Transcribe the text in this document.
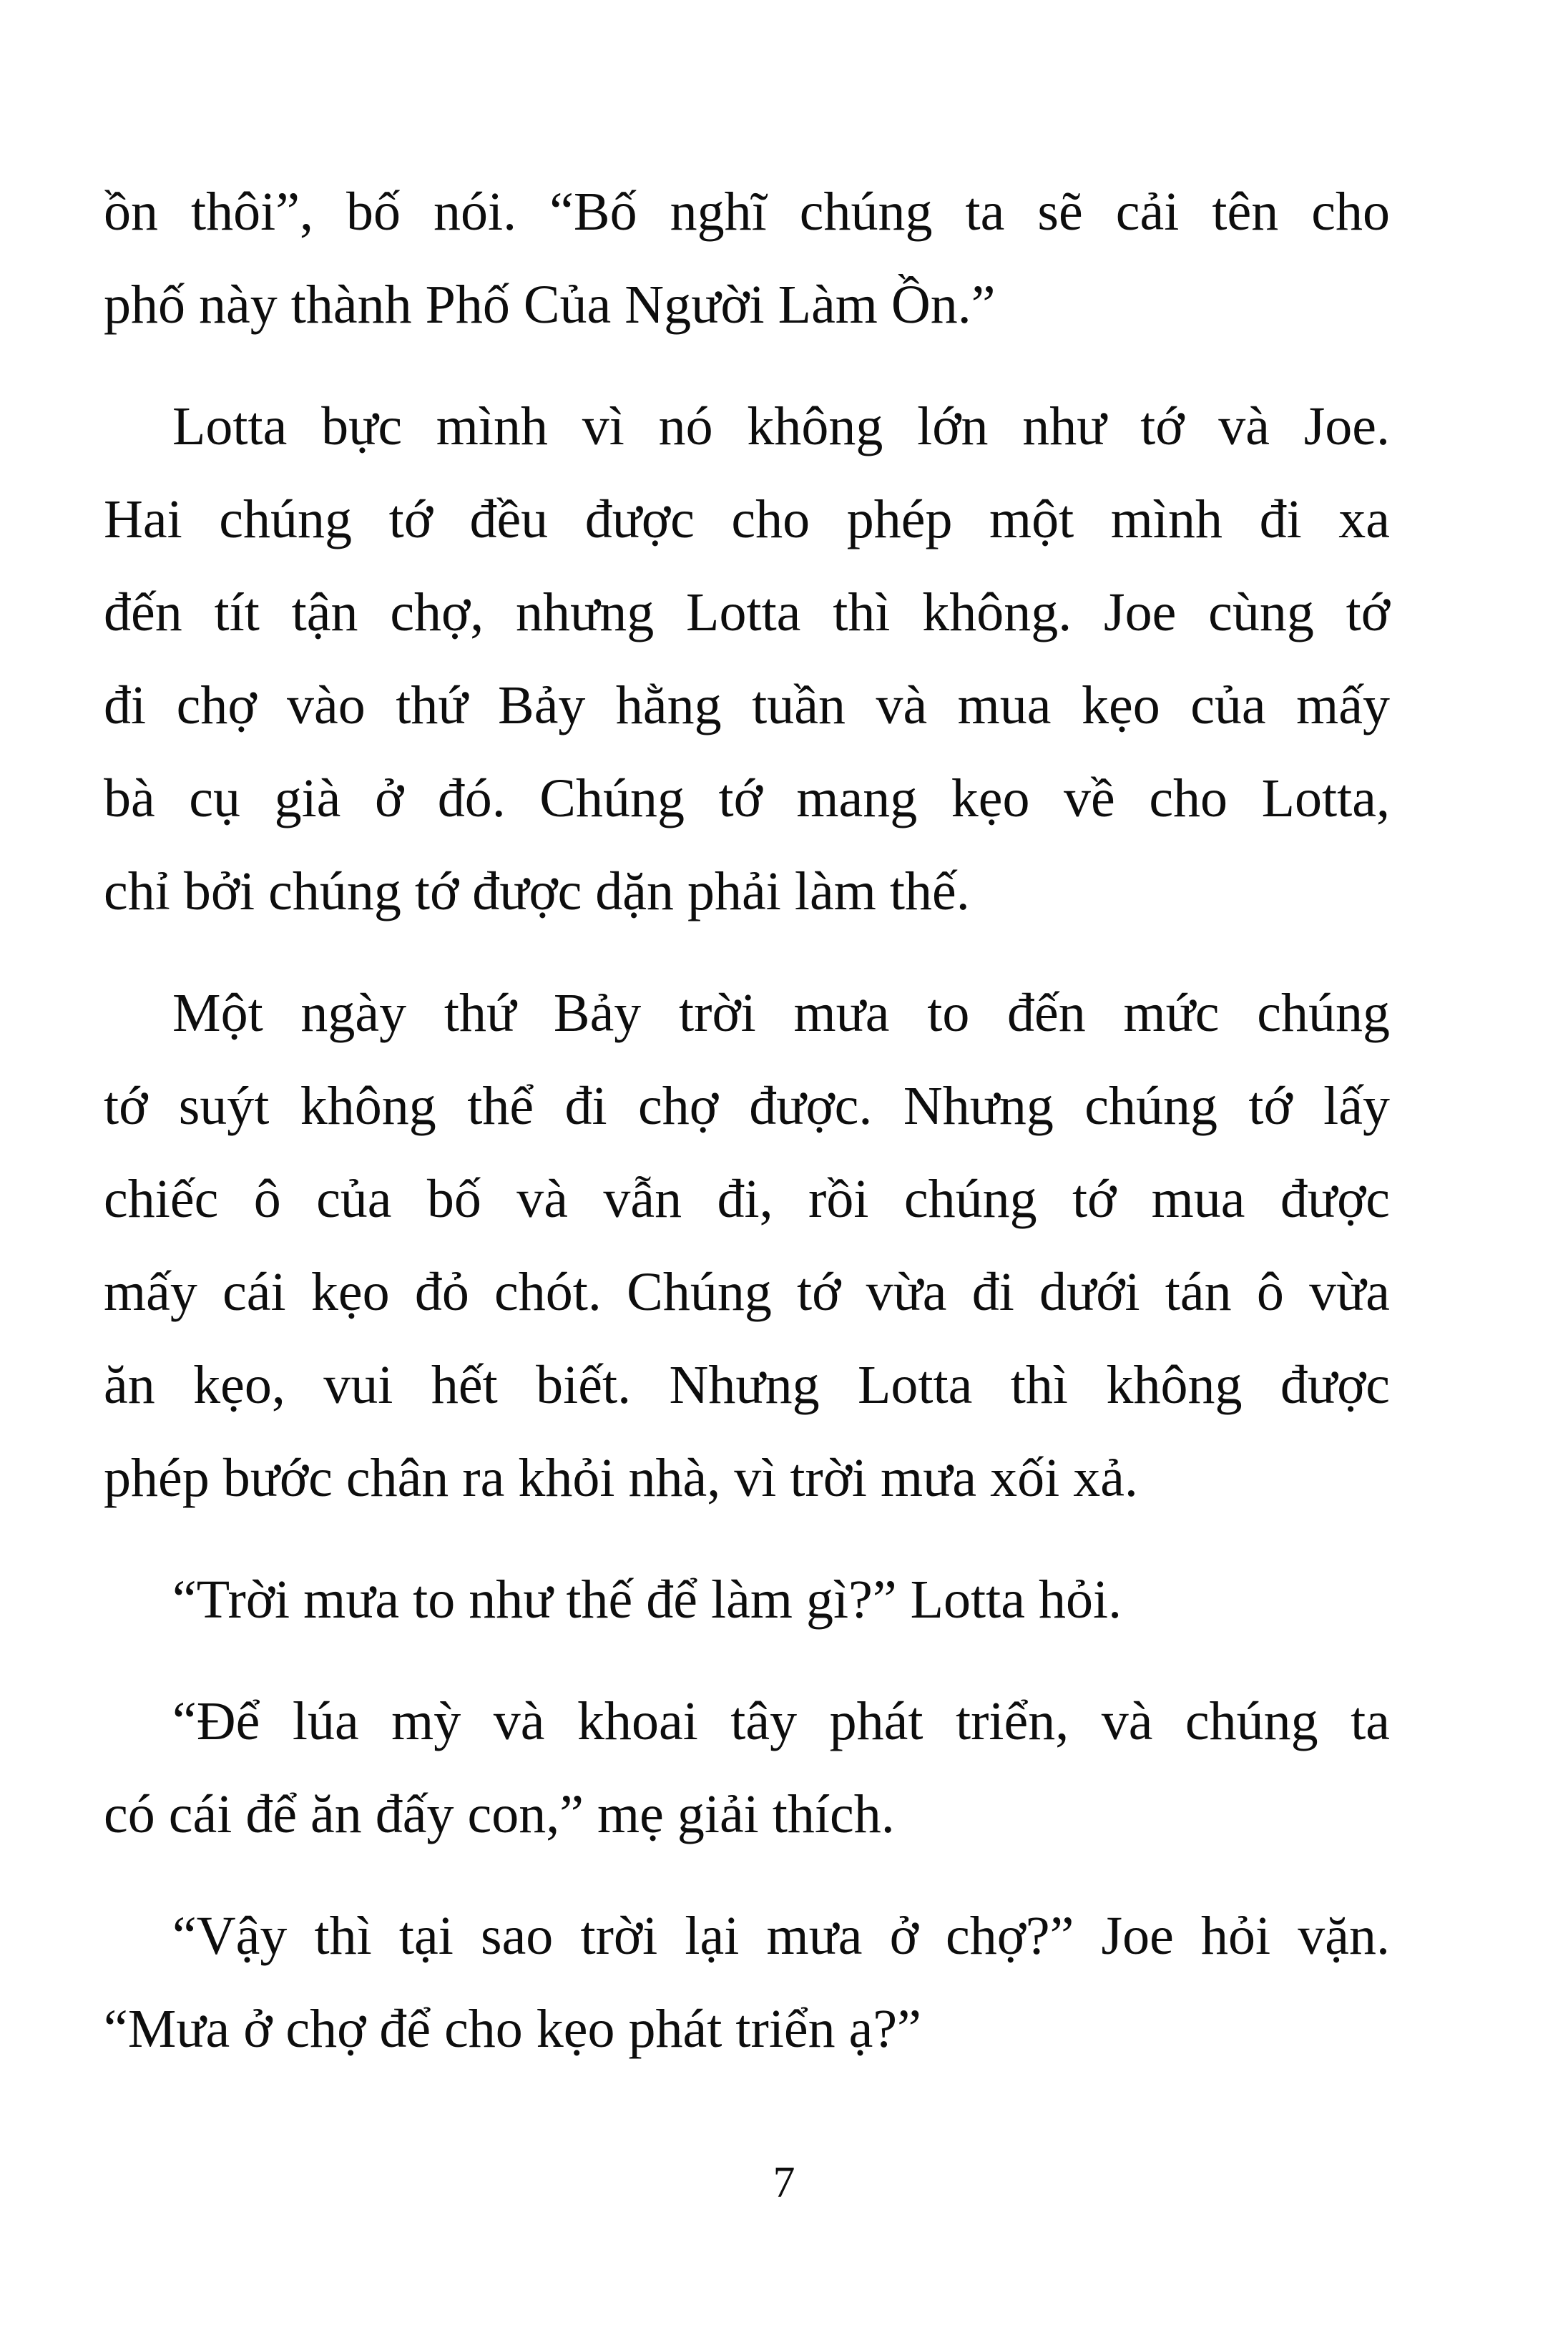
ồn thôi”, bố nói. “Bố nghĩ chúng ta sẽ cải tên cho
phố này thành Phố Của Người Làm Ồn.”

Lotta bực mình vì nó không lớn như tớ và Joe.
Hai chúng tớ đều được cho phép một mình đi xa
đến tít tận chợ, nhưng Lotta thì không. Joe cùng tớ
đi chợ vào thứ Bảy hằng tuần và mua kẹo của mấy
bà cụ già ở đó. Chúng tớ mang kẹo về cho Lotta,
chỉ bởi chúng tớ được dặn phải làm thế.

Một ngày thứ Bảy trời mưa to đến mức chúng
tớ suýt không thể đi chợ được. Nhưng chúng tớ lấy
chiếc ô của bố và vẫn đi, rồi chúng tớ mua được
mấy cái kẹo đỏ chót. Chúng tớ vừa đi dưới tán ô vừa
ăn kẹo, vui hết biết. Nhưng Lotta thì không được
phép bước chân ra khỏi nhà, vì trời mưa xối xả.

“Trời mưa to như thế để làm gì?” Lotta hỏi.

“Để lúa mỳ và khoai tây phát triển, và chúng ta
có cái để ăn đấy con,” mẹ giải thích.

“Vậy thì tại sao trời lại mưa ở chợ?” Joe hỏi vặn.
“Mưa ở chợ để cho kẹo phát triển ạ?”

7
